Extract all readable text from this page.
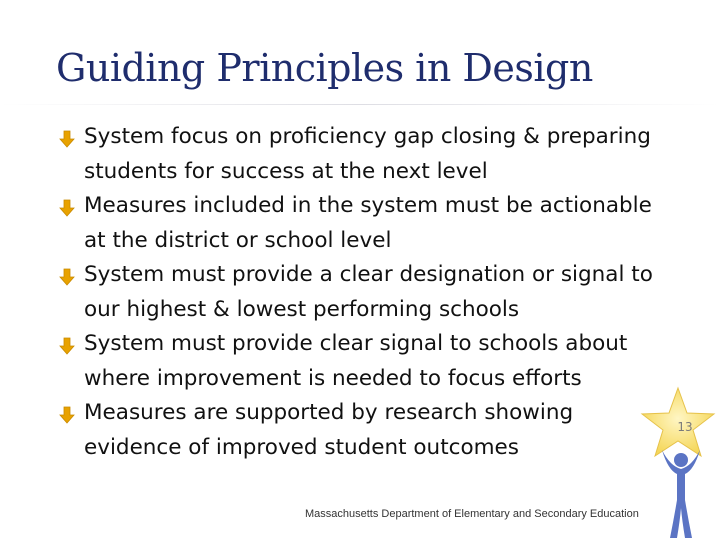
Guiding Principles in Design
System focus on proficiency gap closing & preparing students for success at the next level
Measures included in the system must be actionable at the district or school level
System must provide a clear designation or signal to our highest & lowest performing schools
System must provide clear signal to schools about where improvement is needed to focus efforts
Measures are supported by research showing evidence of improved student outcomes
13
Massachusetts Department of Elementary and Secondary Education
